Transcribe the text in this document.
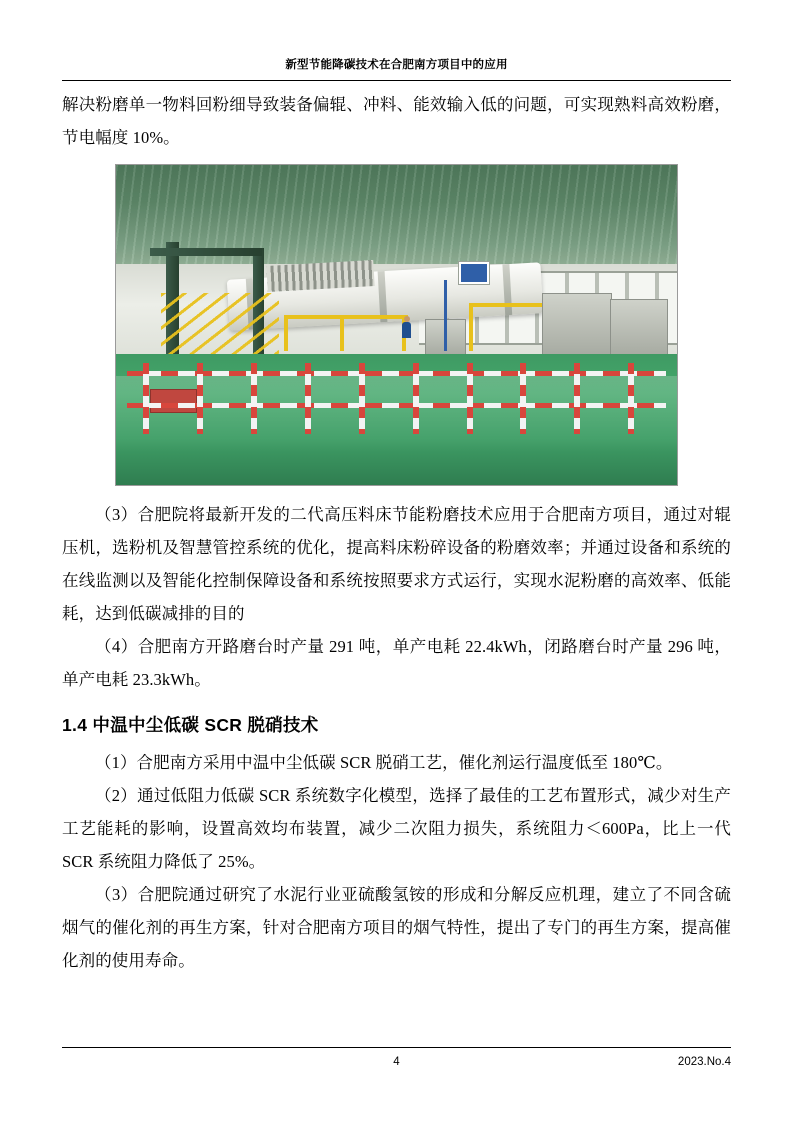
新型节能降碳技术在合肥南方项目中的应用

解决粉磨单一物料回粉细导致装备偏辊、冲料、能效输入低的问题，可实现熟料高效粉磨，节电幅度 10%。

（3）合肥院将最新开发的二代高压料床节能粉磨技术应用于合肥南方项目，通过对辊压机，选粉机及智慧管控系统的优化，提高料床粉碎设备的粉磨效率；并通过设备和系统的在线监测以及智能化控制保障设备和系统按照要求方式运行，实现水泥粉磨的高效率、低能耗，达到低碳减排的目的

（4）合肥南方开路磨台时产量 291 吨，单产电耗 22.4kWh，闭路磨台时产量 296 吨，单产电耗 23.3kWh。

1.4 中温中尘低碳 SCR 脱硝技术

（1）合肥南方采用中温中尘低碳 SCR 脱硝工艺，催化剂运行温度低至 180℃。

（2）通过低阻力低碳 SCR 系统数字化模型，选择了最佳的工艺布置形式，减少对生产工艺能耗的影响，设置高效均布装置，减少二次阻力损失，系统阻力＜600Pa，比上一代 SCR 系统阻力降低了 25%。

（3）合肥院通过研究了水泥行业亚硫酸氢铵的形成和分解反应机理，建立了不同含硫烟气的催化剂的再生方案，针对合肥南方项目的烟气特性，提出了专门的再生方案，提高催化剂的使用寿命。

4	2023.No.4
